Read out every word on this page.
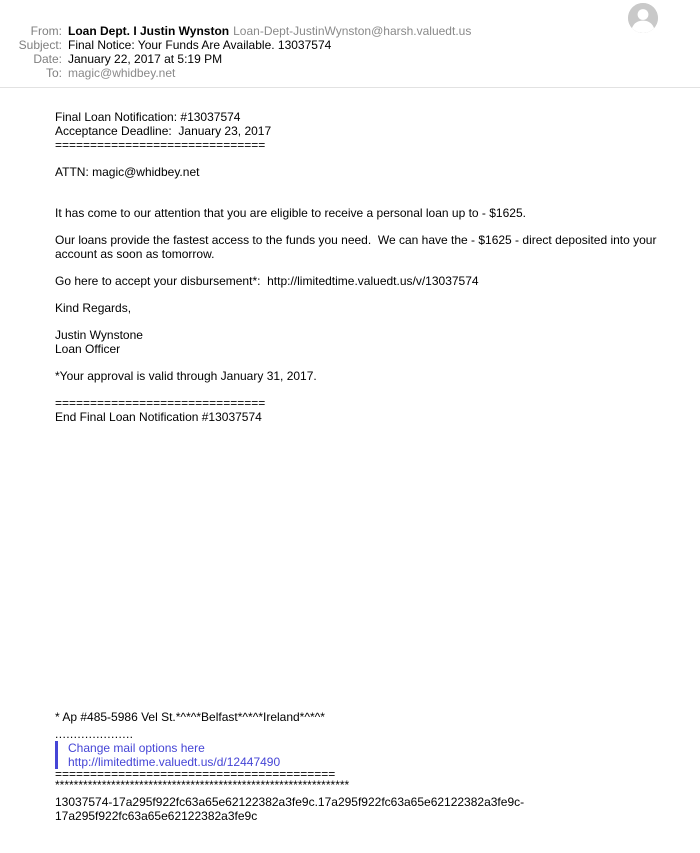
From: Loan Dept. I Justin Wynston Loan-Dept-JustinWynston@harsh.valuedt.us
Subject: Final Notice: Your Funds Are Available. 13037574
Date: January 22, 2017 at 5:19 PM
To: magic@whidbey.net
Final Loan Notification: #13037574
Acceptance Deadline:  January 23, 2017
==============================
ATTN: magic@whidbey.net
It has come to our attention that you are eligible to receive a personal loan up to - $1625.
Our loans provide the fastest access to the funds you need.  We can have the - $1625 - direct deposited into your account as soon as tomorrow.
Go here to accept your disbursement*:  http://limitedtime.valuedt.us/v/13037574
Kind Regards,
Justin Wynstone
Loan Officer
*Your approval is valid through January 31, 2017.
==============================
End Final Loan Notification #13037574
* Ap #485-5986 Vel St.*^*^*Belfast*^*^*Ireland*^*^*
.....................
Change mail options here
http://limitedtime.valuedt.us/d/12447490
========================================
***************************************************************
13037574-17a295f922fc63a65e62122382a3fe9c.17a295f922fc63a65e62122382a3fe9c-
17a295f922fc63a65e62122382a3fe9c
